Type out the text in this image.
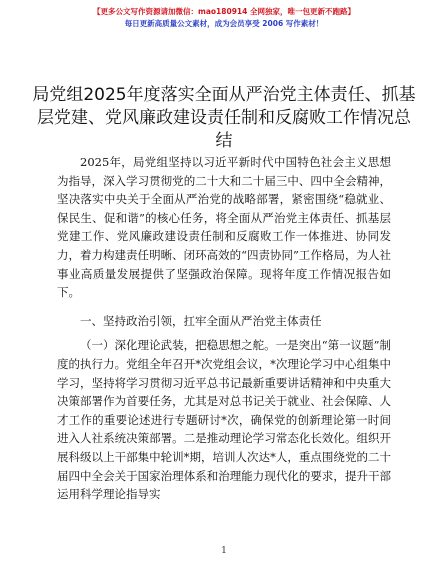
【更多公文写作资源请加微信：mao180914 全网独家，唯一包更新不跑路】
每日更新高质量公文素材，成为会员享受 2006 写作素材！
局党组2025年度落实全面从严治党主体责任、抓基层党建、党风廉政建设责任制和反腐败工作情况总结

2025年，局党组坚持以习近平新时代中国特色社会主义思想为指导，深入学习贯彻党的二十大和二十届三中、四中全会精神，坚决落实中央关于全面从严治党的战略部署，紧密围绕“稳就业、保民生、促和谐”的核心任务，将全面从严治党主体责任、抓基层党建工作、党风廉政建设责任制和反腐败工作一体推进、协同发力，着力构建责任明晰、闭环高效的“四责协同”工作格局，为人社事业高质量发展提供了坚强政治保障。现将年度工作情况报告如下。

一、坚持政治引领，扛牢全面从严治党主体责任

（一）深化理论武装，把稳思想之舵。一是突出“第一议题”制度的执行力。党组全年召开*次党组会议，*次理论学习中心组集中学习，坚持将学习贯彻习近平总书记最新重要讲话精神和中央重大决策部署作为首要任务，尤其是对总书记关于就业、社会保障、人才工作的重要论述进行专题研讨*次，确保党的创新理论第一时间进入人社系统决策部署。二是推动理论学习常态化长效化。组织开展科级以上干部集中轮训*期，培训人次达*人，重点围绕党的二十届四中全会关于国家治理体系和治理能力现代化的要求，提升干部运用科学理论指导实

1
